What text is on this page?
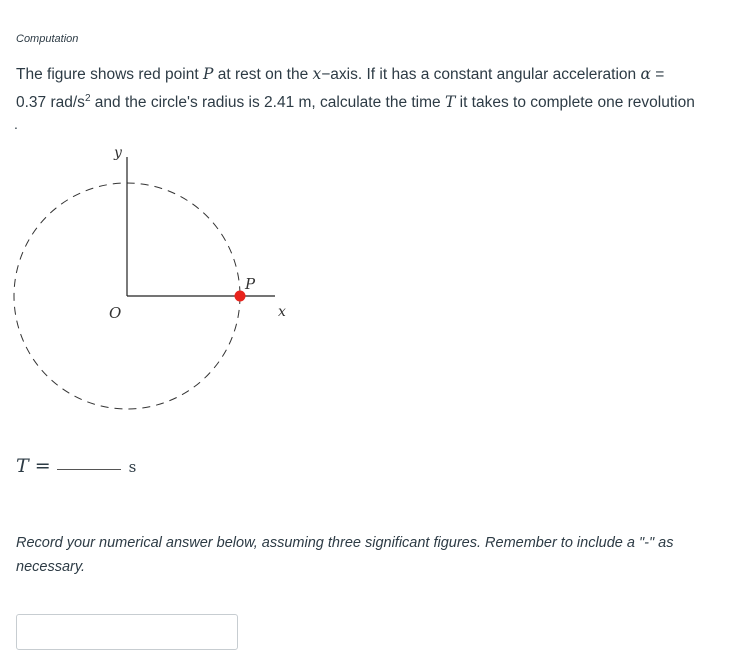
Computation
The figure shows red point P at rest on the x−axis. If it has a constant angular acceleration α =
0.37 rad/$s^2$ and the circle's radius is 2.41 m, calculate the time T it takes to complete one revolution
.
y
x
O
P
T =	s
Record your numerical answer below, assuming three significant figures. Remember to include a "-" as necessary.
